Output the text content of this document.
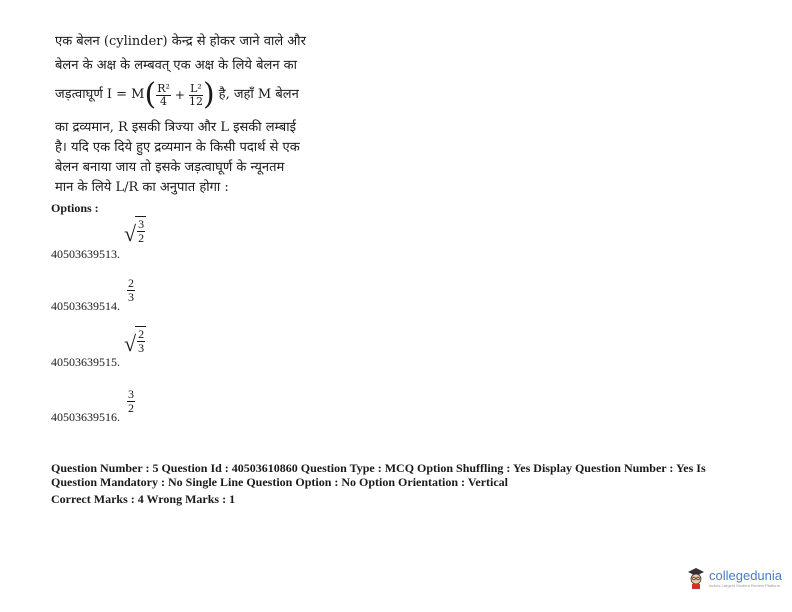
एक बेलन (cylinder) केन्द्र से होकर जाने वाले और
बेलन के अक्ष के लम्बवत् एक अक्ष के लिये बेलन का
जड़त्वाघूर्ण I = M ( $\frac{\text{R²}}{4} + \frac{\text{L²}}{12}$ ) है, जहाँ M बेलन
का द्रव्यमान, R इसकी त्रिज्या और L इसकी लम्बाई
है। यदि एक दिये हुए द्रव्यमान के किसी पदार्थ से एक
बेलन बनाया जाय तो इसके जड़त्वाघूर्ण के न्यूनतम
मान के लिये L/R का अनुपात होगा :
Options :
40503639513.
√ 3
2
40503639514.
2
3
40503639515.
√ 2
3
40503639516.
3
2
Question Number : 5 Question Id : 40503610860 Question Type : MCQ Option Shuffling : Yes Display Question Number : Yes Is
Question Mandatory : No Single Line Question Option : No Option Orientation : Vertical
Correct Marks : 4 Wrong Marks : 1
collegedunia
India's Largest Student Review Platform
